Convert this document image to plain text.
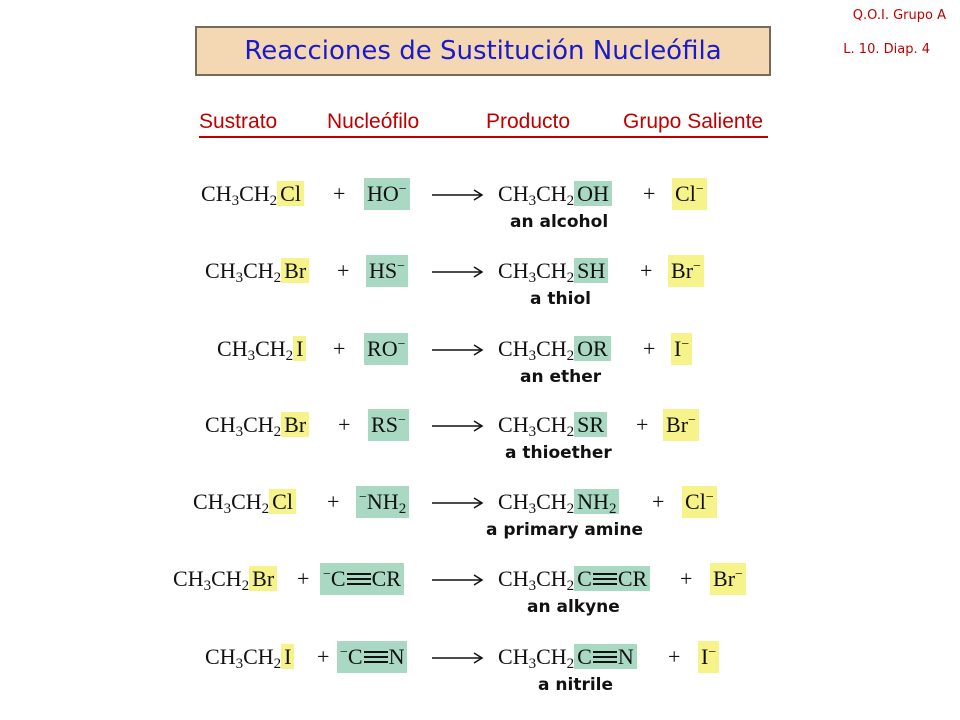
Q.O.I. Grupo A
L. 10. Diap. 4
Reacciones de Sustitución Nucleófila
Sustrato Nucleófilo	Producto	Grupo Saliente
$CH_3CH_2$ $Cl + HO^- \to CH_3CH_2$ OH + Cl−
an alcohol
$CH_3CH_2$ $Br + HS^- \to CH_3CH_2$ SH + Br−
a thiol
$CH_3CH_2$ $I + RO^- \to CH_3CH_2$ OR + I−
an ether
$CH_3CH_2$ $Br + RS^- \to CH_3CH_2$ SR + Br−
a thioether
$CH_3CH_2$ $Cl + ^-NH_2 \to CH_3CH_2$ $NH_2 + Cl^-$
a primary amine
$CH_3CH_2$ Br + −C CR → $CH_3CH_2$ C CR + Br−
an alkyne
$CH_3CH_2$ I + −C $N \to CH_3CH_2$ C N + I−
a nitrile
